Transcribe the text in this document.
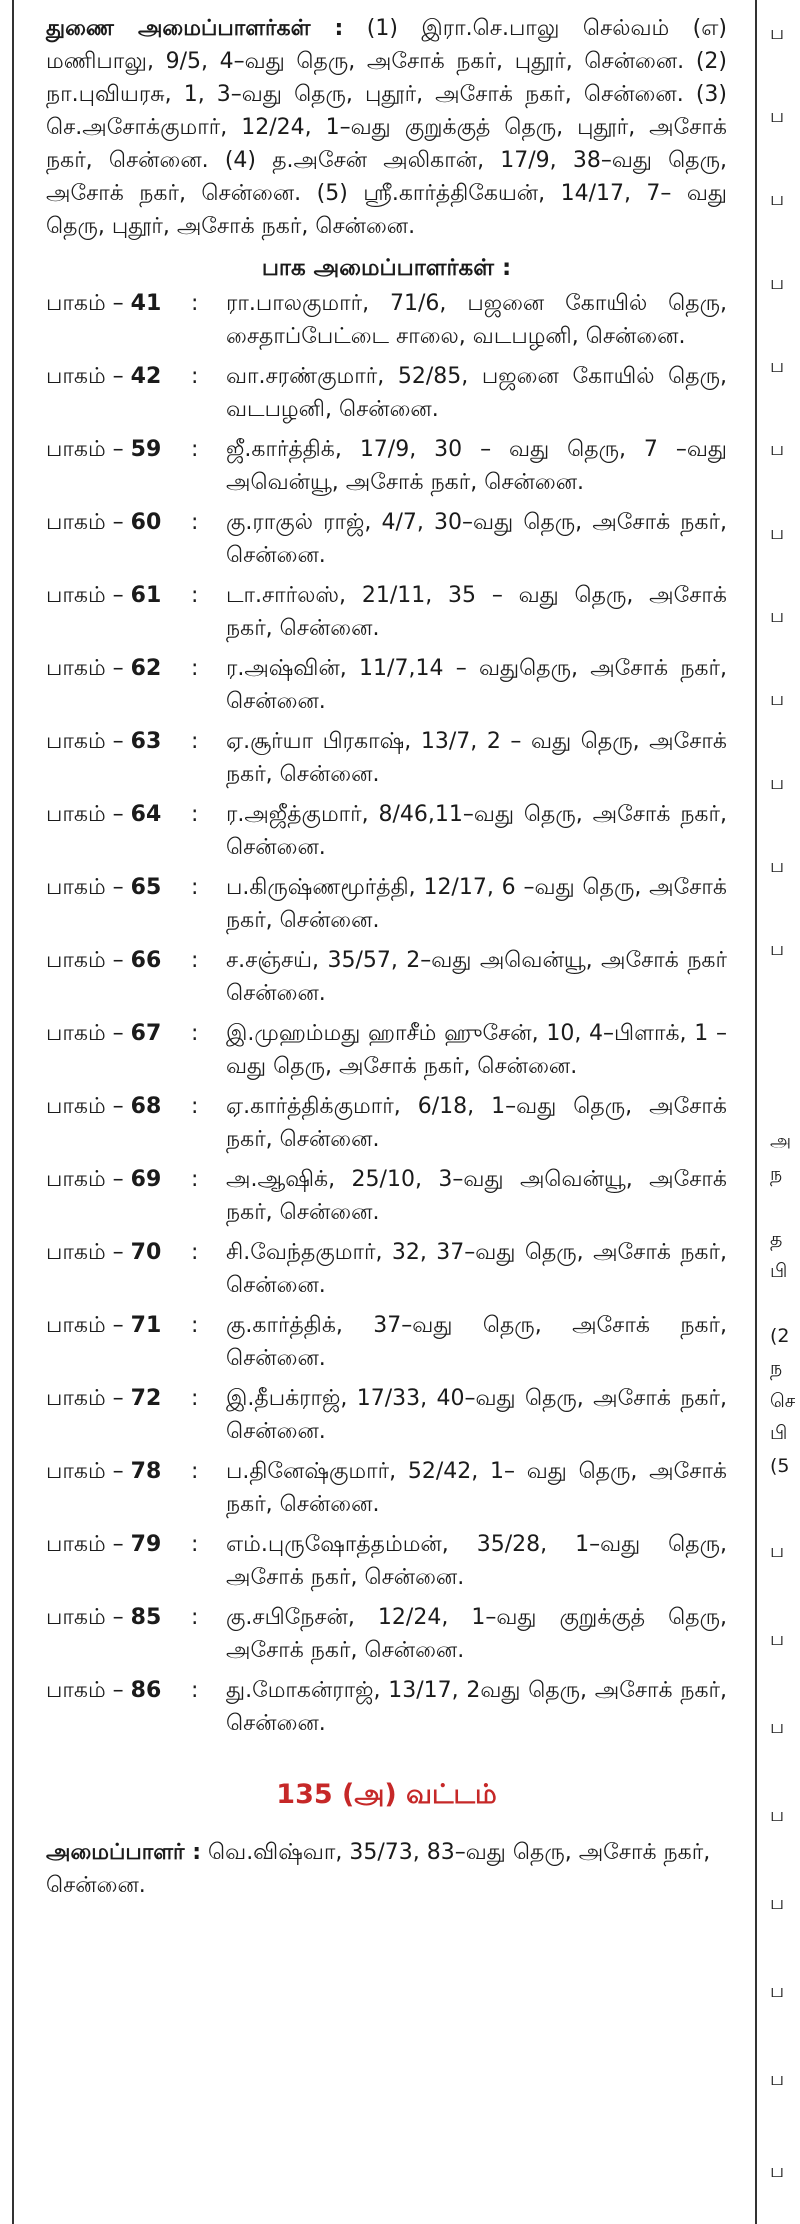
துணை அமைப்பாளர்கள் : (1) இரா.செ.பாலு செல்வம் (எ) மணிபாலு, 9/5, 4–வது தெரு, அசோக் நகர், புதூர், சென்னை. (2) நா.புவியரசு, 1, 3–வது தெரு, புதூர், அசோக் நகர், சென்னை. (3) செ.அசோக்குமார், 12/24, 1–வது குறுக்குத் தெரு, புதூர், அசோக் நகர், சென்னை. (4) த.அசேன் அலிகான், 17/9, 38–வது தெரு, அசோக் நகர், சென்னை. (5) ஸ்ரீ.கார்த்திகேயன், 14/17, 7– வது தெரு, புதூர், அசோக் நகர், சென்னை.

பாக அமைப்பாளர்கள் :
பாகம் – 41	:	ரா.பாலகுமார், 71/6, பஜனை கோயில் தெரு, சைதாப்பேட்டை சாலை, வடபழனி, சென்னை.
பாகம் – 42	:	வா.சரண்குமார், 52/85, பஜனை கோயில் தெரு, வடபழனி, சென்னை.
பாகம் – 59	:	ஜீ.கார்த்திக், 17/9, 30 – வது தெரு, 7 –வது அவென்யூ, அசோக் நகர், சென்னை.
பாகம் – 60	:	கு.ராகுல் ராஜ், 4/7, 30–வது தெரு, அசோக் நகர், சென்னை.
பாகம் – 61	:	டா.சார்லஸ், 21/11, 35 – வது தெரு, அசோக் நகர், சென்னை.
பாகம் – 62	:	ர.அஷ்வின், 11/7,14 – வதுதெரு, அசோக் நகர், சென்னை.
பாகம் – 63	:	ஏ.சூர்யா பிரகாஷ், 13/7, 2 – வது தெரு, அசோக் நகர், சென்னை.
பாகம் – 64	:	ர.அஜீத்குமார், 8/46,11–வது தெரு, அசோக் நகர், சென்னை.
பாகம் – 65	:	ப.கிருஷ்ணமூர்த்தி, 12/17, 6 –வது தெரு, அசோக் நகர், சென்னை.
பாகம் – 66	:	ச.சஞ்சய், 35/57, 2–வது அவென்யூ, அசோக் நகர் சென்னை.
பாகம் – 67	:	இ.முஹம்மது ஹாசீம் ஹுசேன், 10, 4–பிளாக், 1 –வது தெரு, அசோக் நகர், சென்னை.
பாகம் – 68	:	ஏ.கார்த்திக்குமார், 6/18, 1–வது தெரு, அசோக் நகர், சென்னை.
பாகம் – 69	:	அ.ஆஷிக், 25/10, 3–வது அவென்யூ, அசோக் நகர், சென்னை.
பாகம் – 70	:	சி.வேந்தகுமார், 32, 37–வது தெரு, அசோக் நகர், சென்னை.
பாகம் – 71	:	கு.கார்த்திக், 37–வது தெரு, அசோக் நகர், சென்னை.
பாகம் – 72	:	இ.தீபக்ராஜ், 17/33, 40–வது தெரு, அசோக் நகர், சென்னை.
பாகம் – 78	:	ப.தினேஷ்குமார், 52/42, 1– வது தெரு, அசோக் நகர், சென்னை.
பாகம் – 79	:	எம்.புருஷோத்தம்மன், 35/28, 1–வது தெரு, அசோக் நகர், சென்னை.
பாகம் – 85	:	கு.சபிநேசன், 12/24, 1–வது குறுக்குத் தெரு, அசோக் நகர், சென்னை.
பாகம் – 86	:	து.மோகன்ராஜ், 13/17, 2வது தெரு, அசோக் நகர், சென்னை.
135 (அ) வட்டம்
அமைப்பாளர் : வெ.விஷ்வா, 35/73, 83–வது தெரு, அசோக் நகர், சென்னை.
ப
ப
ப
ப
ப
ப
ப
ப
ப
ப
ப
ப
அ
ந
த
பி
(2
ந
செ
பி
(5
ப
ப
ப
ப
ப
ப
ப
ப
